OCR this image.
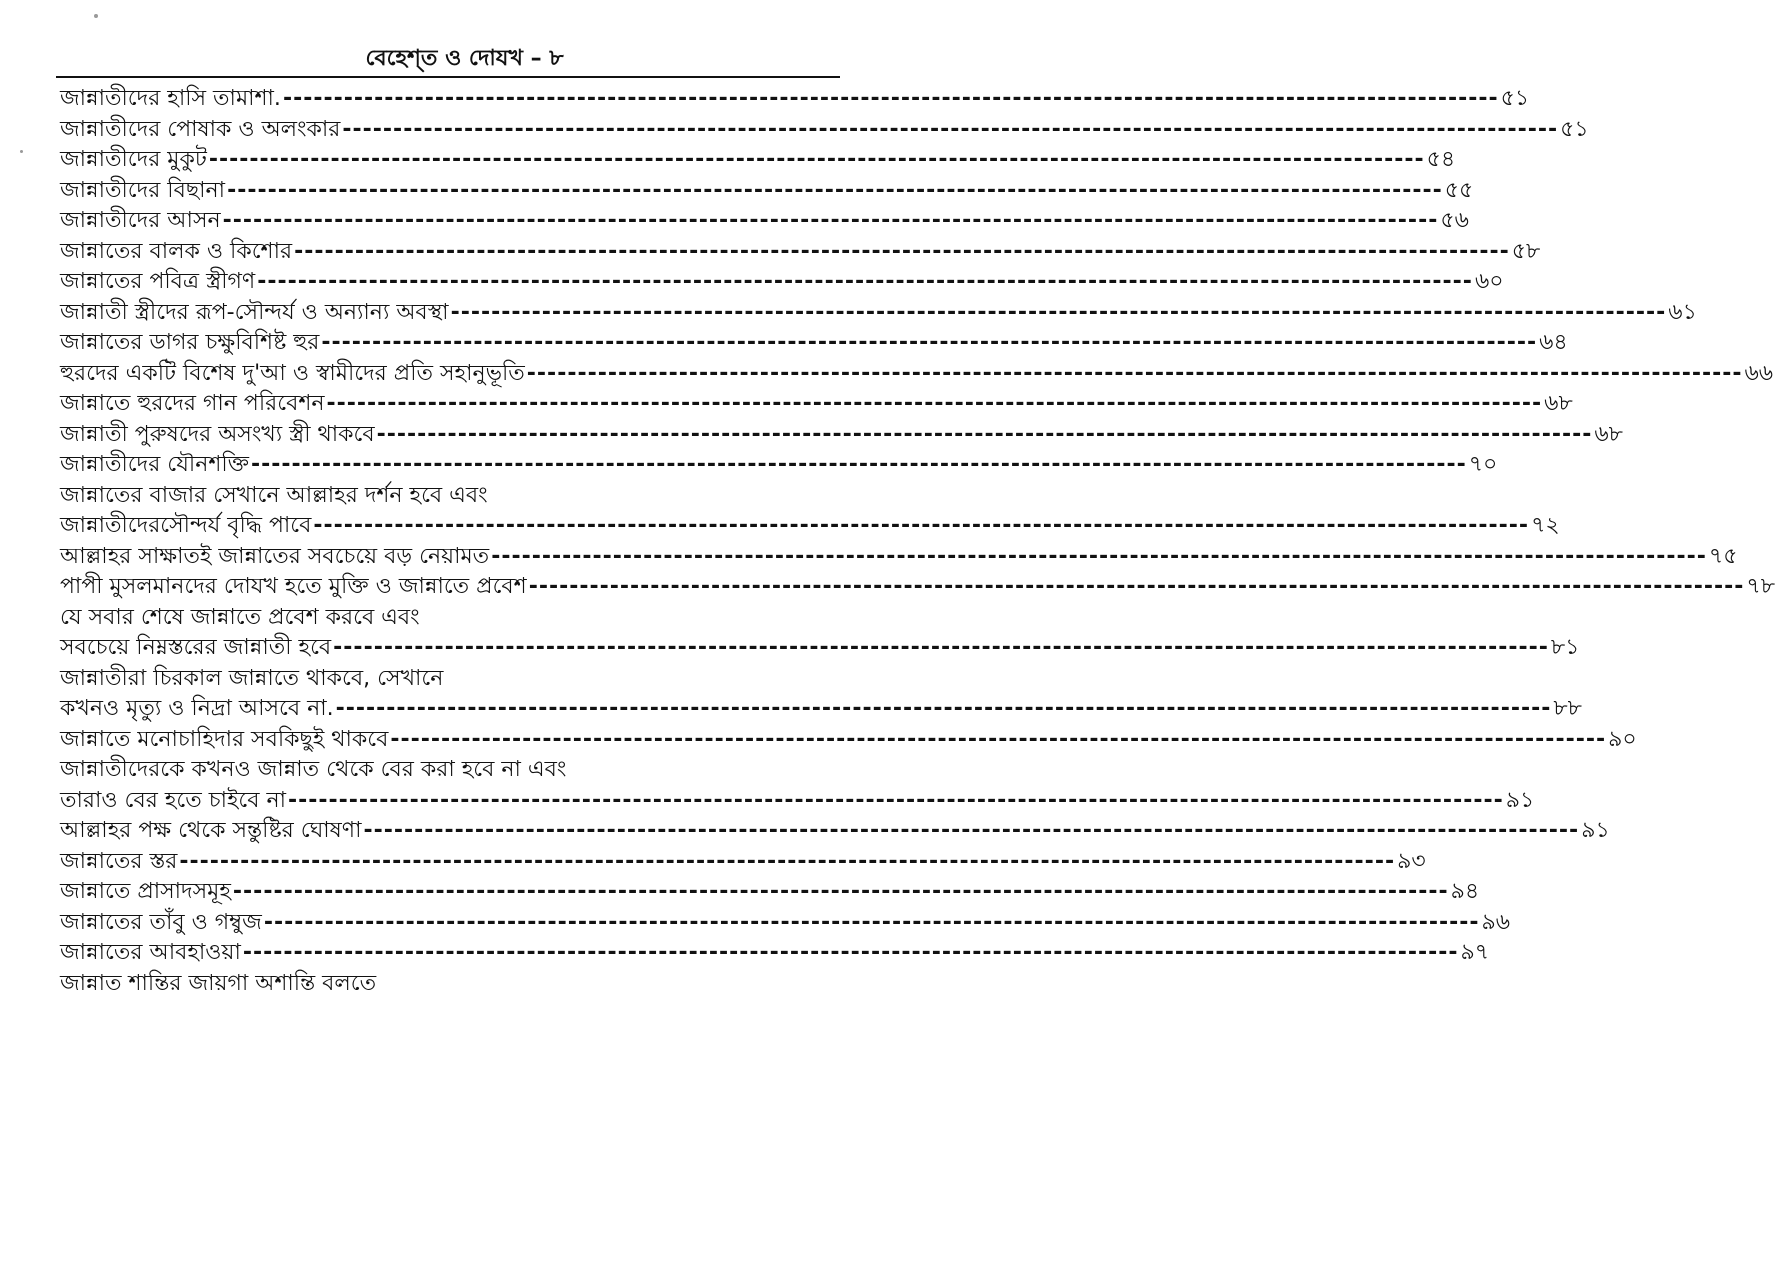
বেহেশ্‌ত ও দোযখ – ৮
জান্নাতীদের হাসি তামাশা. ------------------------------------------------------------------------------------------------------------------------ ৫১
জান্নাতীদের পোষাক ও অলংকার ------------------------------------------------------------------------------------------------------------------------ ৫১
জান্নাতীদের মুকুট ------------------------------------------------------------------------------------------------------------------------ ৫৪
জান্নাতীদের বিছানা ------------------------------------------------------------------------------------------------------------------------ ৫৫
জান্নাতীদের আসন ------------------------------------------------------------------------------------------------------------------------ ৫৬
জান্নাতের বালক ও কিশোর ------------------------------------------------------------------------------------------------------------------------ ৫৮
জান্নাতের পবিত্র স্ত্রীগণ ------------------------------------------------------------------------------------------------------------------------ ৬০
জান্নাতী স্ত্রীদের রূপ-সৌন্দর্য ও অন্যান্য অবস্থা ------------------------------------------------------------------------------------------------------------------------ ৬১
জান্নাতের ডাগর চক্ষুবিশিষ্ট হুর ------------------------------------------------------------------------------------------------------------------------ ৬৪
হুরদের একটি বিশেষ দু'আ ও স্বামীদের প্রতি সহানুভূতি ------------------------------------------------------------------------------------------------------------------------ ৬৬
জান্নাতে হুরদের গান পরিবেশন ------------------------------------------------------------------------------------------------------------------------ ৬৮
জান্নাতী পুরুষদের অসংখ্য স্ত্রী থাকবে ------------------------------------------------------------------------------------------------------------------------ ৬৮
জান্নাতীদের যৌনশক্তি ------------------------------------------------------------------------------------------------------------------------ ৭০
জান্নাতের বাজার সেখানে আল্লাহর দর্শন হবে এবং
জান্নাতীদেরসৌন্দর্য বৃদ্ধি পাবে ------------------------------------------------------------------------------------------------------------------------ ৭২
আল্লাহর সাক্ষাতই জান্নাতের সবচেয়ে বড় নেয়ামত ------------------------------------------------------------------------------------------------------------------------ ৭৫
পাপী মুসলমানদের দোযখ হতে মুক্তি ও জান্নাতে প্রবেশ ------------------------------------------------------------------------------------------------------------------------ ৭৮
যে সবার শেষে জান্নাতে প্রবেশ করবে এবং
সবচেয়ে নিম্নস্তরের জান্নাতী হবে ------------------------------------------------------------------------------------------------------------------------ ৮১
জান্নাতীরা চিরকাল জান্নাতে থাকবে, সেখানে
কখনও মৃত্যু ও নিদ্রা আসবে না. ------------------------------------------------------------------------------------------------------------------------ ৮৮
জান্নাতে মনোচাহিদার সবকিছুই থাকবে ------------------------------------------------------------------------------------------------------------------------ ৯০
জান্নাতীদেরকে কখনও জান্নাত থেকে বের করা হবে না এবং
তারাও বের হতে চাইবে না ------------------------------------------------------------------------------------------------------------------------ ৯১
আল্লাহর পক্ষ থেকে সন্তুষ্টির ঘোষণা ------------------------------------------------------------------------------------------------------------------------ ৯১
জান্নাতের স্তর ------------------------------------------------------------------------------------------------------------------------ ৯৩
জান্নাতে প্রাসাদসমূহ ------------------------------------------------------------------------------------------------------------------------ ৯৪
জান্নাতের তাঁবু ও গম্বুজ ------------------------------------------------------------------------------------------------------------------------ ৯৬
জান্নাতের আবহাওয়া ------------------------------------------------------------------------------------------------------------------------ ৯৭
জান্নাত শান্তির জায়গা অশান্তি বলতে
